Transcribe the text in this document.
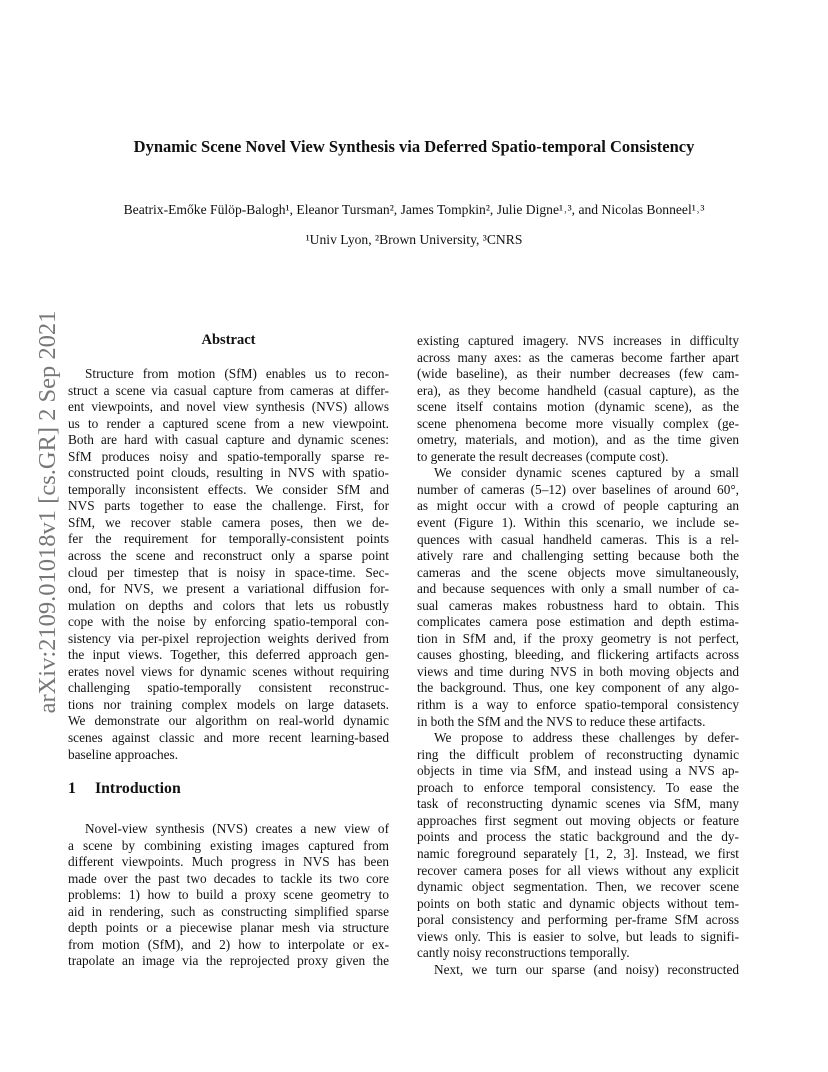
Dynamic Scene Novel View Synthesis via Deferred Spatio-temporal Consistency
Beatrix-Emőke Fülöp-Balogh¹, Eleanor Tursman², James Tompkin², Julie Digne¹˒³, and Nicolas Bonneel¹˒³
¹Univ Lyon, ²Brown University, ³CNRS
arXiv:2109.01018v1 [cs.GR] 2 Sep 2021	Abstract
Structure from motion (SfM) enables us to recon-
struct a scene via casual capture from cameras at differ-
ent viewpoints, and novel view synthesis (NVS) allows
us to render a captured scene from a new viewpoint.
Both are hard with casual capture and dynamic scenes:
SfM produces noisy and spatio-temporally sparse re-
constructed point clouds, resulting in NVS with spatio-
temporally inconsistent effects. We consider SfM and
NVS parts together to ease the challenge. First, for
SfM, we recover stable camera poses, then we de-
fer the requirement for temporally-consistent points
across the scene and reconstruct only a sparse point
cloud per timestep that is noisy in space-time. Sec-
ond, for NVS, we present a variational diffusion for-
mulation on depths and colors that lets us robustly
cope with the noise by enforcing spatio-temporal con-
sistency via per-pixel reprojection weights derived from
the input views. Together, this deferred approach gen-
erates novel views for dynamic scenes without requiring
challenging spatio-temporally consistent reconstruc-
tions nor training complex models on large datasets.
We demonstrate our algorithm on real-world dynamic
scenes against classic and more recent learning-based
baseline approaches.
1 Introduction
Novel-view synthesis (NVS) creates a new view of
a scene by combining existing images captured from
different viewpoints. Much progress in NVS has been
made over the past two decades to tackle its two core
problems: 1) how to build a proxy scene geometry to
aid in rendering, such as constructing simplified sparse
depth points or a piecewise planar mesh via structure
from motion (SfM), and 2) how to interpolate or ex-
trapolate an image via the reprojected proxy given the
existing captured imagery. NVS increases in difficulty
across many axes: as the cameras become farther apart
(wide baseline), as their number decreases (few cam-
era), as they become handheld (casual capture), as the
scene itself contains motion (dynamic scene), as the
scene phenomena become more visually complex (ge-
ometry, materials, and motion), and as the time given
to generate the result decreases (compute cost).
We consider dynamic scenes captured by a small
number of cameras (5–12) over baselines of around 60°,
as might occur with a crowd of people capturing an
event (Figure 1). Within this scenario, we include se-
quences with casual handheld cameras. This is a rel-
atively rare and challenging setting because both the
cameras and the scene objects move simultaneously,
and because sequences with only a small number of ca-
sual cameras makes robustness hard to obtain. This
complicates camera pose estimation and depth estima-
tion in SfM and, if the proxy geometry is not perfect,
causes ghosting, bleeding, and flickering artifacts across
views and time during NVS in both moving objects and
the background. Thus, one key component of any algo-
rithm is a way to enforce spatio-temporal consistency
in both the SfM and the NVS to reduce these artifacts.
We propose to address these challenges by defer-
ring the difficult problem of reconstructing dynamic
objects in time via SfM, and instead using a NVS ap-
proach to enforce temporal consistency. To ease the
task of reconstructing dynamic scenes via SfM, many
approaches first segment out moving objects or feature
points and process the static background and the dy-
namic foreground separately [1, 2, 3]. Instead, we first
recover camera poses for all views without any explicit
dynamic object segmentation. Then, we recover scene
points on both static and dynamic objects without tem-
poral consistency and performing per-frame SfM across
views only. This is easier to solve, but leads to signifi-
cantly noisy reconstructions temporally.
Next, we turn our sparse (and noisy) reconstructed
